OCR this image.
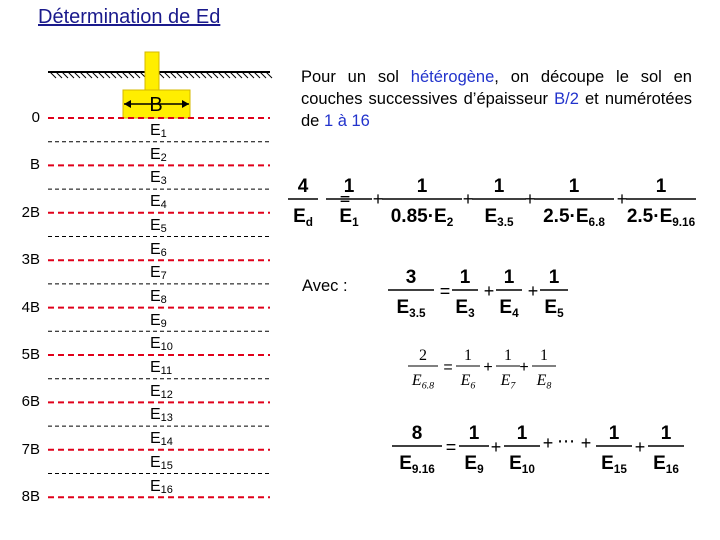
Détermination de Ed
B
0
B
2B
3B
4B
5B
6B
7B
8B
$E_1$
$E_2$
$E_3$
$E_4$
$E_5$
$E_6$
$E_7$
$E_8$
$E_9$
$E_{10}$
$E_{11}$
$E_{12}$
$E_{13}$
$E_{14}$
$E_{15}$
$E_{16}$
Pour un sol hétérogène, on découpe le sol en couches successives d’épaisseur B/2 et numérotées de 1 à 16
Avec :
4
$E_d$
=
1
$E_1$
+
1
$0.85\cdot E_2$
+
1
$E_{3.5}$
+
1
$2.5\cdot E_{6.8}$
+
1
$2.5\cdot E_{9.16}$
3
$E_{3.5}$
=
1
$E_3$
+
1
$E_4$
+
1
$E_5$
2
$E_{6.8}$
=
1
$E_6$
+
1
$E_7$
+
1
$E_8$
8
$E_{9.16}$
=
1
$E_9$
+
1
$E_{10}$
+ ⋯ + 1
$E_{15}$
+
1
$E_{16}$
